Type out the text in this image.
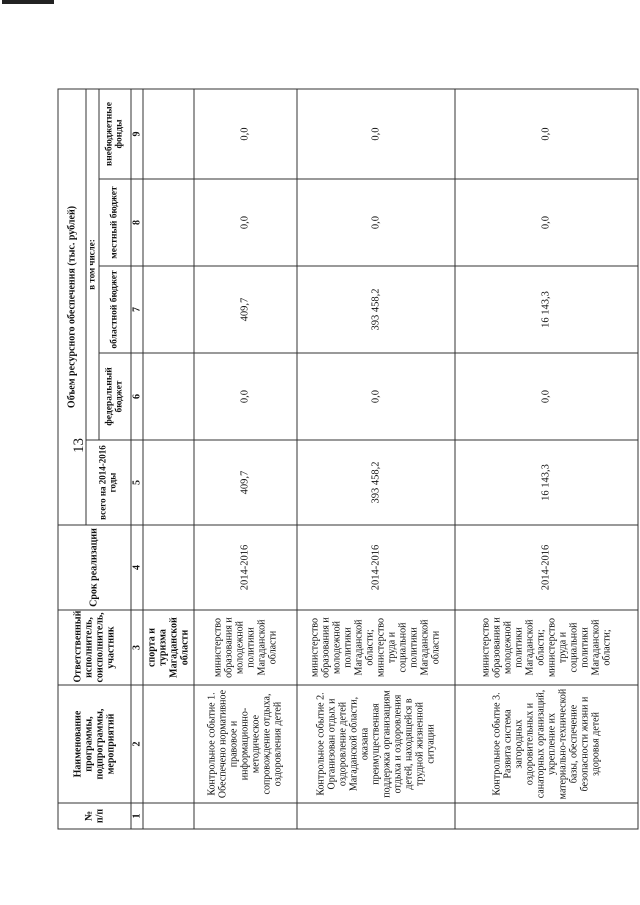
13
№ п/п	Наименование программы, подпрограммы, мероприятий	Ответственный исполнитель, соисполнитель, участник	Срок реализации	Объем ресурсного обеспечения (тыс. рублей)				
				всего на 2014-2016 годы	в том числе:			
					федеральный бюджет	областной бюджет	местный бюджет	внебюджетные фонды
1	2	3	4	5	6	7	8	9
		спорта и туризма Магаданской области						
	Контрольное событие 1. Обеспечено нормативное правовое и информационно-методическое сопровождение отдыха, оздоровления детей	министерство образования и молодежной политики Магаданской области	2014-2016	409,7	0,0	409,7	0,0	0,0
	Контрольное событие 2. Организован отдых и оздоровление детей Магаданской области, оказана преимущественная поддержка организациям отдыха и оздоровления детей, находящейся в трудной жизненной ситуации	министерство образования и молодежной политики Магаданской области; министерство труда и социальной политики Магаданской области	2014-2016	393 458,2	0,0	393 458,2	0,0	0,0
	Контрольное событие 3. Развита система загородных оздоровительных и санаторных организаций, укрепление их материально-технической базы, обеспечение безопасности жизни и здоровья детей	министерство образования и молодежной политики Магаданской области; министерство труда и социальной политики Магаданской области;	2014-2016	16 143,3	0,0	16 143,3	0,0	0,0
